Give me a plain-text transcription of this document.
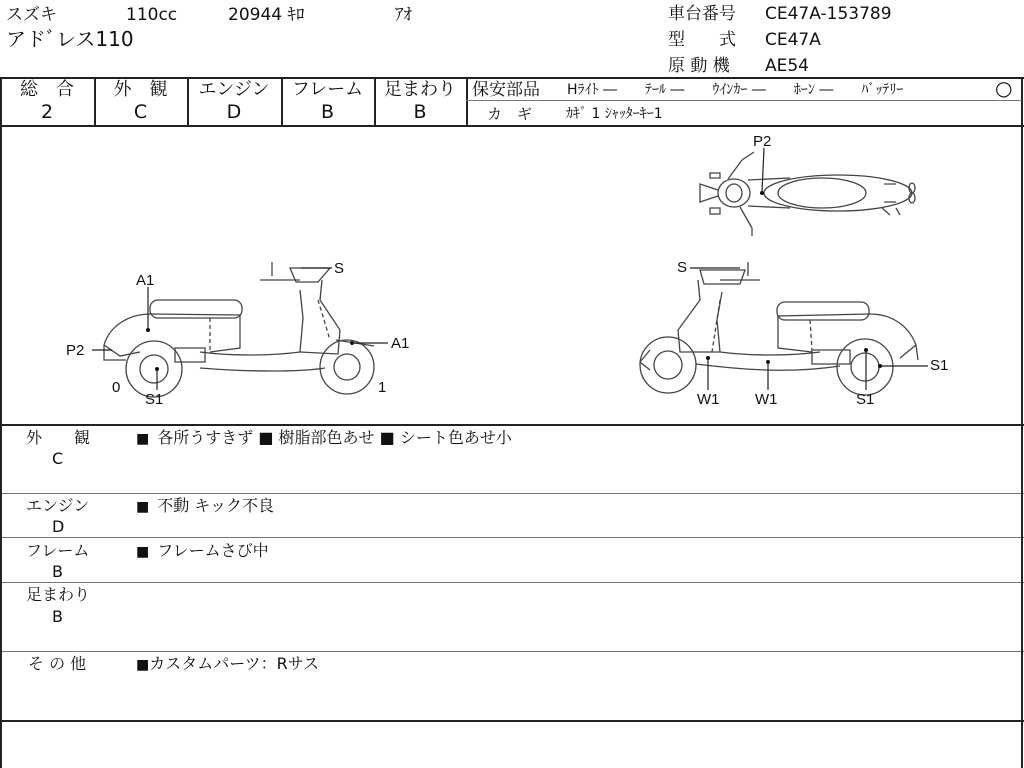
スズキ	110cc	20944 ｷﾛ	ｱｵ
アドﾞレス110
車台番号 CE47A-153789
型　　式 CE47A
原 動 機 AE54
総　合
2
外　観
C
エンジン
D
フレーム
B
足まわり
B
保安部品 Hﾗｲﾄ ―　　ﾃｰﾙ ―　　ｳｲﾝｶｰ ―　　ﾎｰﾝ ―　　ﾊﾞｯﾃﾘｰ	○
カ　ギ ｶｷﾞ 1 ｼｬｯﾀｰｷｰ1
P2
S
A1
P2	A1
0	1
S1
S
S1
W1 W1	S1
外　　観
C
■ 各所うすきず ■ 樹脂部色あせ ■ シート色あせ小
エンジン
D
■ 不動 キック不良
フレーム
B
■ フレームさび中
足まわり
B
そ の 他	■カスタムパーツ：Rサス
